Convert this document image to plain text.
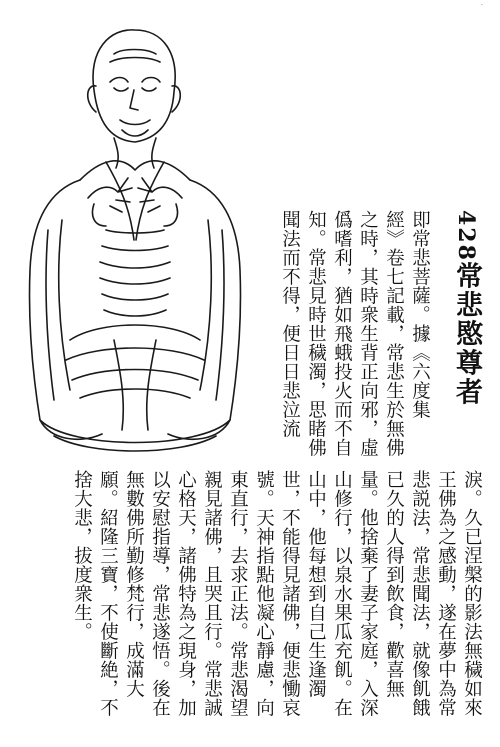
·
428常悲愍尊者
即常悲菩薩。據《六度集
經》卷七記載，常悲生於無佛
之時，其時衆生背正向邪，虛
僞嗜利，猶如飛蛾投火而不自
知。常悲見時世穢濁，思睹佛
聞法而不得，便日日悲泣流
淚。久已涅槃的影法無穢如來
王佛為之感動，遂在夢中為常
悲説法，常悲聞法，就像飢餓
已久的人得到飲食，歡喜無
量。他捨棄了妻子家庭，入深
山修行，以泉水果瓜充飢。在
山中，他每想到自己生逢濁
世，不能得見諸佛，便悲慟哀
號。天神指點他凝心靜慮，向
東直行，去求正法。常悲渴望
親見諸佛，且哭且行。常悲誠
心格天，諸佛特為之現身，加
以安慰指導，常悲遂悟。後在
無數佛所勤修梵行，成滿大
願。紹隆三寶，不使斷絶，不
捨大悲，拔度衆生。
